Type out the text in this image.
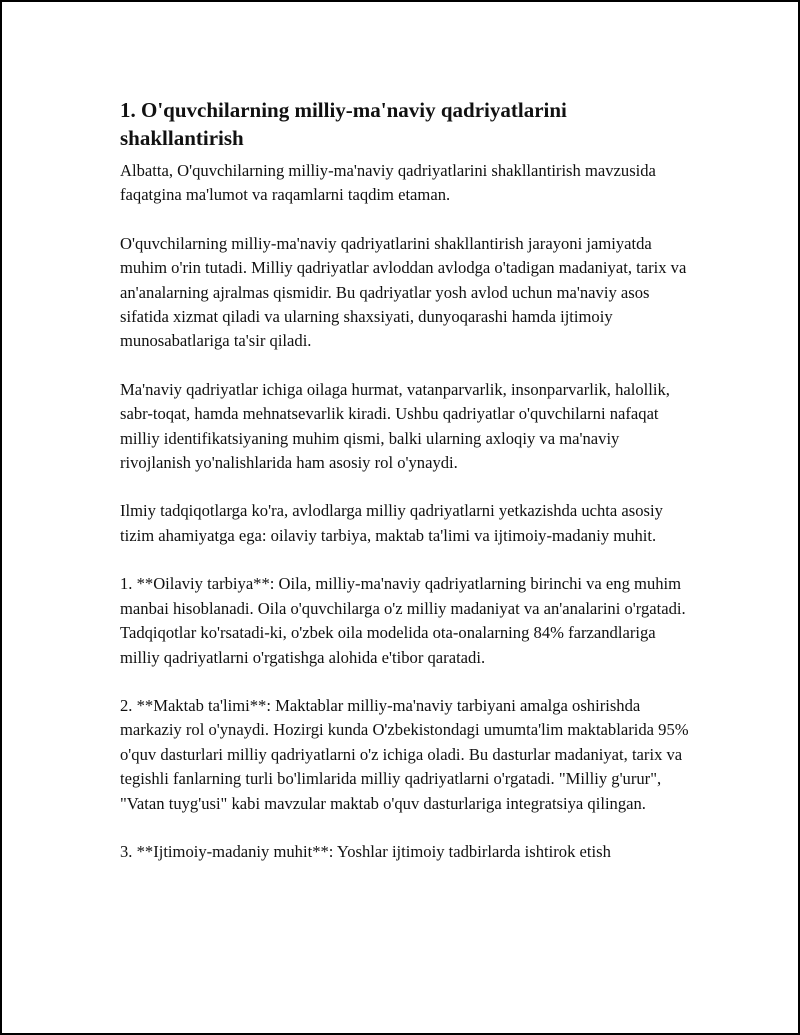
1. O'quvchilarning milliy-ma'naviy qadriyatlarini shakllantirish

Albatta, O'quvchilarning milliy-ma'naviy qadriyatlarini shakllantirish mavzusida faqatgina ma'lumot va raqamlarni taqdim etaman.

O'quvchilarning milliy-ma'naviy qadriyatlarini shakllantirish jarayoni jamiyatda muhim o'rin tutadi. Milliy qadriyatlar avloddan avlodga o'tadigan madaniyat, tarix va an'analarning ajralmas qismidir. Bu qadriyatlar yosh avlod uchun ma'naviy asos sifatida xizmat qiladi va ularning shaxsiyati, dunyoqarashi hamda ijtimoiy munosabatlariga ta'sir qiladi.

Ma'naviy qadriyatlar ichiga oilaga hurmat, vatanparvarlik, insonparvarlik, halollik, sabr-toqat, hamda mehnatsevarlik kiradi. Ushbu qadriyatlar o'quvchilarni nafaqat milliy identifikatsiyaning muhim qismi, balki ularning axloqiy va ma'naviy rivojlanish yo'nalishlarida ham asosiy rol o'ynaydi.

Ilmiy tadqiqotlarga ko'ra, avlodlarga milliy qadriyatlarni yetkazishda uchta asosiy tizim ahamiyatga ega: oilaviy tarbiya, maktab ta'limi va ijtimoiy-madaniy muhit.

1. **Oilaviy tarbiya**: Oila, milliy-ma'naviy qadriyatlarning birinchi va eng muhim manbai hisoblanadi. Oila o'quvchilarga o'z milliy madaniyat va an'analarini o'rgatadi. Tadqiqotlar ko'rsatadi-ki, o'zbek oila modelida ota-onalarning 84% farzandlariga milliy qadriyatlarni o'rgatishga alohida e'tibor qaratadi.

2. **Maktab ta'limi**: Maktablar milliy-ma'naviy tarbiyani amalga oshirishda markaziy rol o'ynaydi. Hozirgi kunda O'zbekistondagi umumta'lim maktablarida 95% o'quv dasturlari milliy qadriyatlarni o'z ichiga oladi. Bu dasturlar madaniyat, tarix va tegishli fanlarning turli bo'limlarida milliy qadriyatlarni o'rgatadi. "Milliy g'urur", "Vatan tuyg'usi" kabi mavzular maktab o'quv dasturlariga integratsiya qilingan.

3. **Ijtimoiy-madaniy muhit**: Yoshlar ijtimoiy tadbirlarda ishtirok etish
